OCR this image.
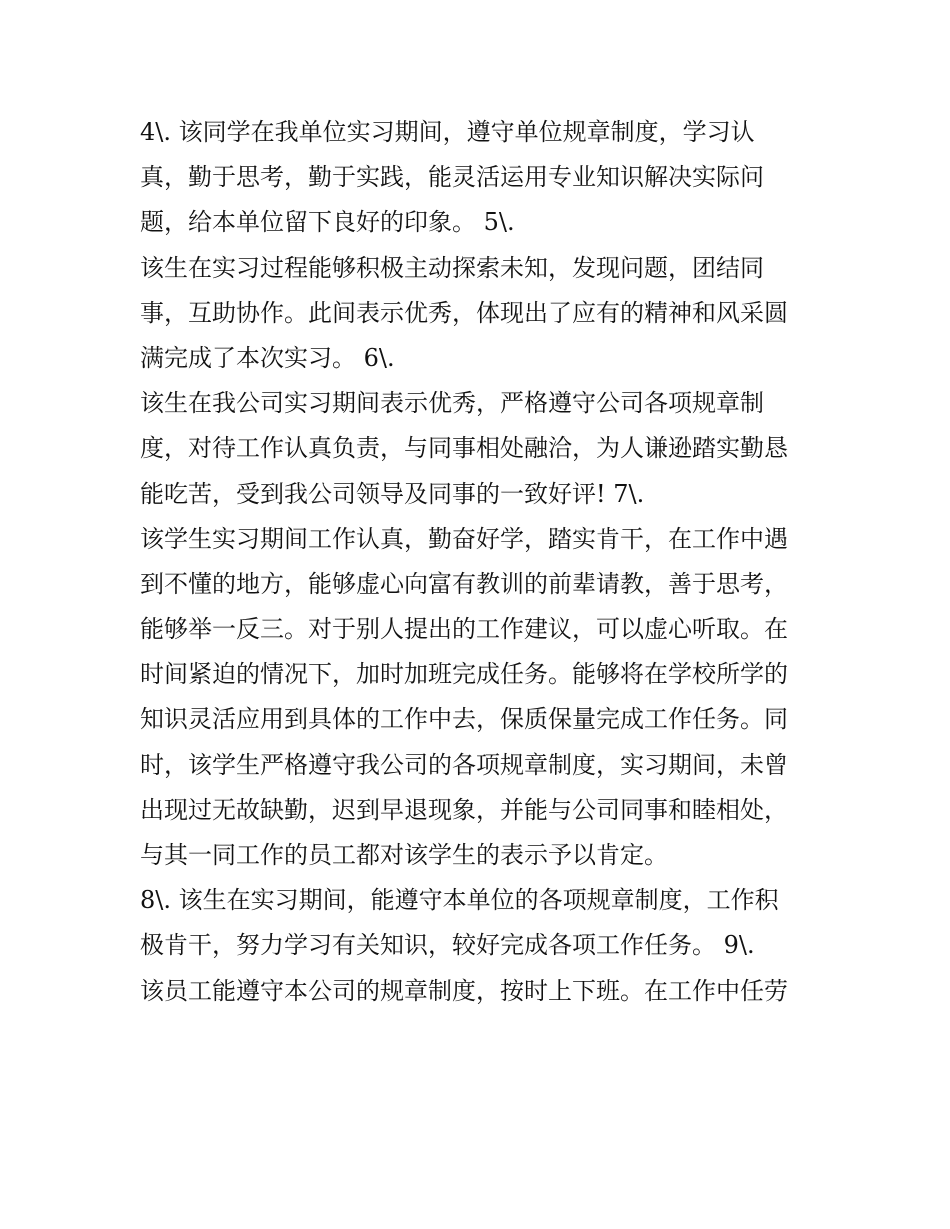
4\. 该同学在我单位实习期间，遵守单位规章制度，学习认
真，勤于思考，勤于实践，能灵活运用专业知识解决实际问
题，给本单位留下良好的印象。 5\.
该生在实习过程能够积极主动探索未知，发现问题，团结同
事，互助协作。此间表示优秀，体现出了应有的精神和风采圆
满完成了本次实习。 6\.
该生在我公司实习期间表示优秀，严格遵守公司各项规章制
度，对待工作认真负责，与同事相处融洽，为人谦逊踏实勤恳
能吃苦，受到我公司领导及同事的一致好评! 7\.
该学生实习期间工作认真，勤奋好学，踏实肯干，在工作中遇
到不懂的地方，能够虚心向富有教训的前辈请教，善于思考，
能够举一反三。对于别人提出的工作建议，可以虚心听取。在
时间紧迫的情况下，加时加班完成任务。能够将在学校所学的
知识灵活应用到具体的工作中去，保质保量完成工作任务。同
时，该学生严格遵守我公司的各项规章制度，实习期间，未曾
出现过无故缺勤，迟到早退现象，并能与公司同事和睦相处，
与其一同工作的员工都对该学生的表示予以肯定。
8\. 该生在实习期间，能遵守本单位的各项规章制度，工作积
极肯干，努力学习有关知识，较好完成各项工作任务。 9\.
该员工能遵守本公司的规章制度，按时上下班。在工作中任劳
